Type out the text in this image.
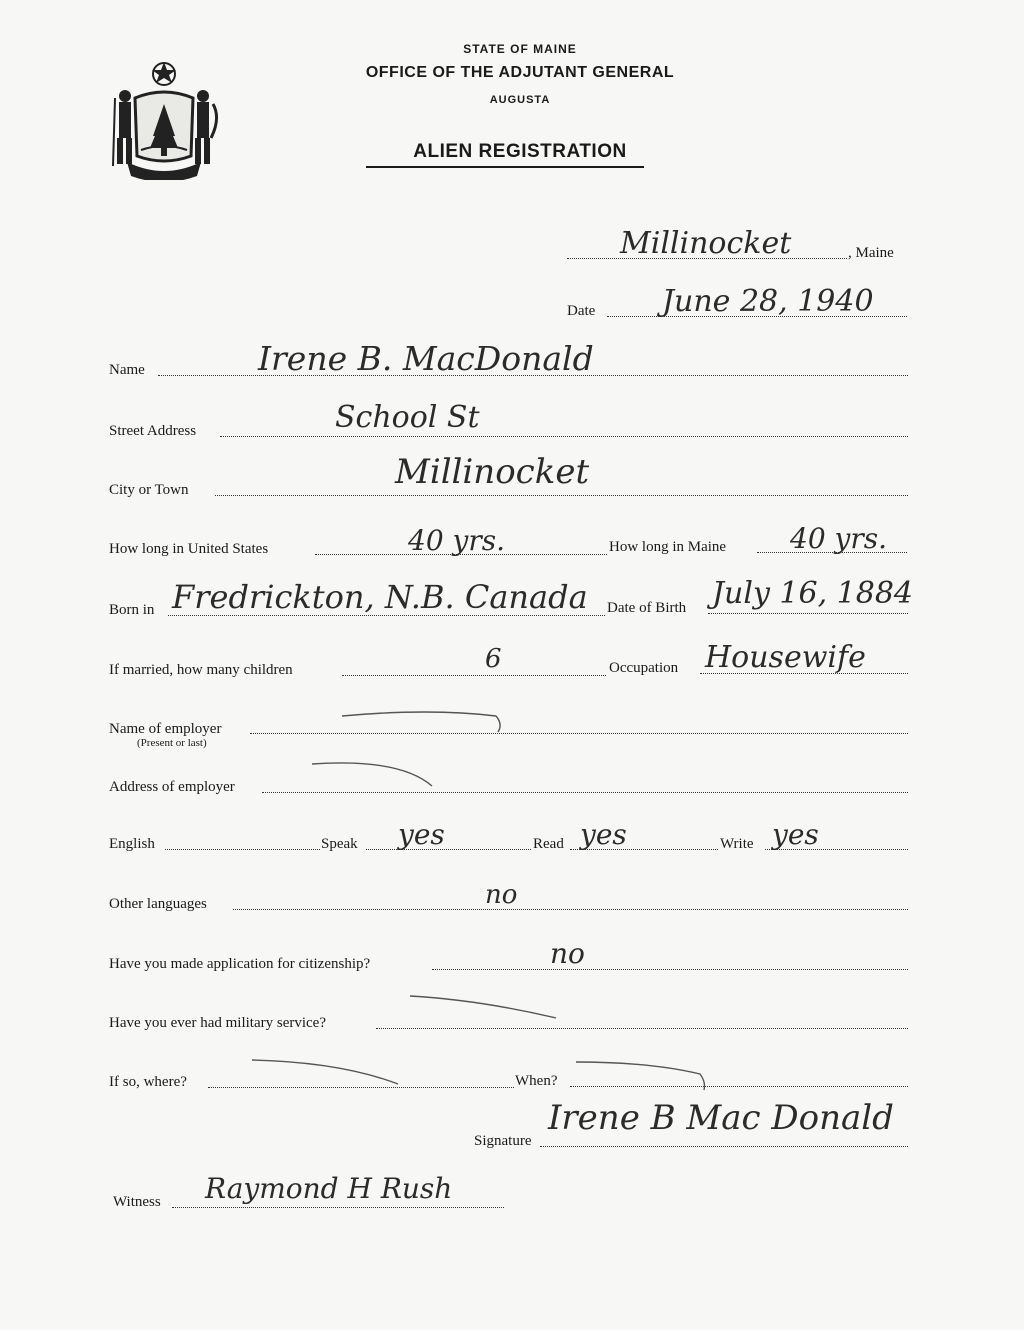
STATE OF MAINE
OFFICE OF THE ADJUTANT GENERAL
AUGUSTA
ALIEN REGISTRATION
Millinocket	, Maine
Date June 28, 1940
Name	Irene B. MacDonald
Street Address	School St
City or Town	Millinocket
How long in United States	40 yrs.	How long in Maine 40 yrs.
Born in Fredrickton, N.B. Canada Date of Birth July 16, 1884
If married, how many children	6	Occupation Housewife
Name of employer
(Present or last)
Address of employer
English	Speak yes	Read yes	Write yes
Other languages	no
Have you made application for citizenship?	no
Have you ever had military service?
If so, where?	When?
Signature
Irene B Mac Donald
Witness Raymond H Rush
